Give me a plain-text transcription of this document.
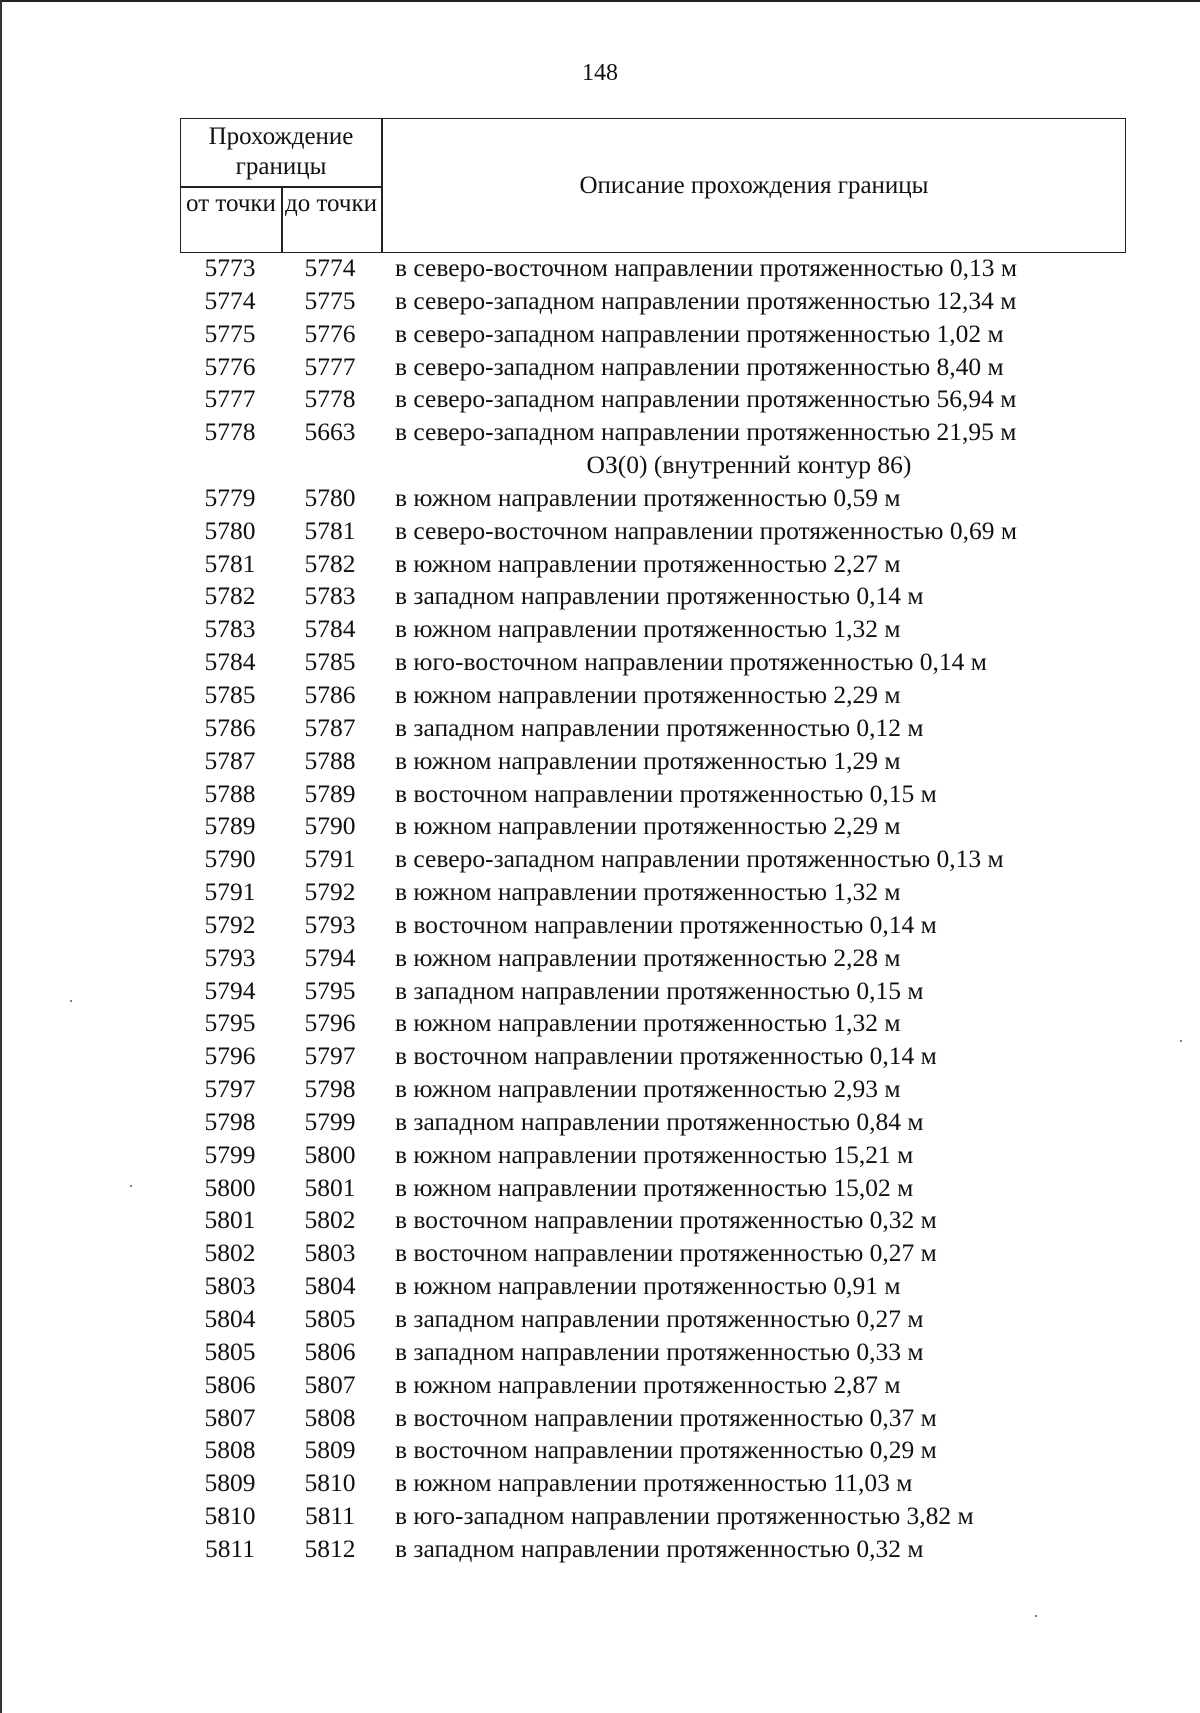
148
Прохождение границы
от точки до точки
Описание прохождения границы
5773	5774	в северо-восточном направлении протяженностью 0,13 м
5774	5775	в северо-западном направлении протяженностью 12,34 м
5775	5776	в северо-западном направлении протяженностью 1,02 м
5776	5777	в северо-западном направлении протяженностью 8,40 м
5777	5778	в северо-западном направлении протяженностью 56,94 м
5778	5663	в северо-западном направлении протяженностью 21,95 м
ОЗ(0) (внутренний контур 86)
5779	5780	в южном направлении протяженностью 0,59 м
5780	5781	в северо-восточном направлении протяженностью 0,69 м
5781	5782	в южном направлении протяженностью 2,27 м
5782	5783	в западном направлении протяженностью 0,14 м
5783	5784	в южном направлении протяженностью 1,32 м
5784	5785	в юго-восточном направлении протяженностью 0,14 м
5785	5786	в южном направлении протяженностью 2,29 м
5786	5787	в западном направлении протяженностью 0,12 м
5787	5788	в южном направлении протяженностью 1,29 м
5788	5789	в восточном направлении протяженностью 0,15 м
5789	5790	в южном направлении протяженностью 2,29 м
5790	5791	в северо-западном направлении протяженностью 0,13 м
5791	5792	в южном направлении протяженностью 1,32 м
5792	5793	в восточном направлении протяженностью 0,14 м
5793	5794	в южном направлении протяженностью 2,28 м
5794	5795	в западном направлении протяженностью 0,15 м
5795	5796	в южном направлении протяженностью 1,32 м
5796	5797	в восточном направлении протяженностью 0,14 м
5797	5798	в южном направлении протяженностью 2,93 м
5798	5799	в западном направлении протяженностью 0,84 м
5799	5800	в южном направлении протяженностью 15,21 м
5800	5801	в южном направлении протяженностью 15,02 м
5801	5802	в восточном направлении протяженностью 0,32 м
5802	5803	в восточном направлении протяженностью 0,27 м
5803	5804	в южном направлении протяженностью 0,91 м
5804	5805	в западном направлении протяженностью 0,27 м
5805	5806	в западном направлении протяженностью 0,33 м
5806	5807	в южном направлении протяженностью 2,87 м
5807	5808	в восточном направлении протяженностью 0,37 м
5808	5809	в восточном направлении протяженностью 0,29 м
5809	5810	в южном направлении протяженностью 11,03 м
5810	5811	в юго-западном направлении протяженностью 3,82 м
5811	5812	в западном направлении протяженностью 0,32 м
